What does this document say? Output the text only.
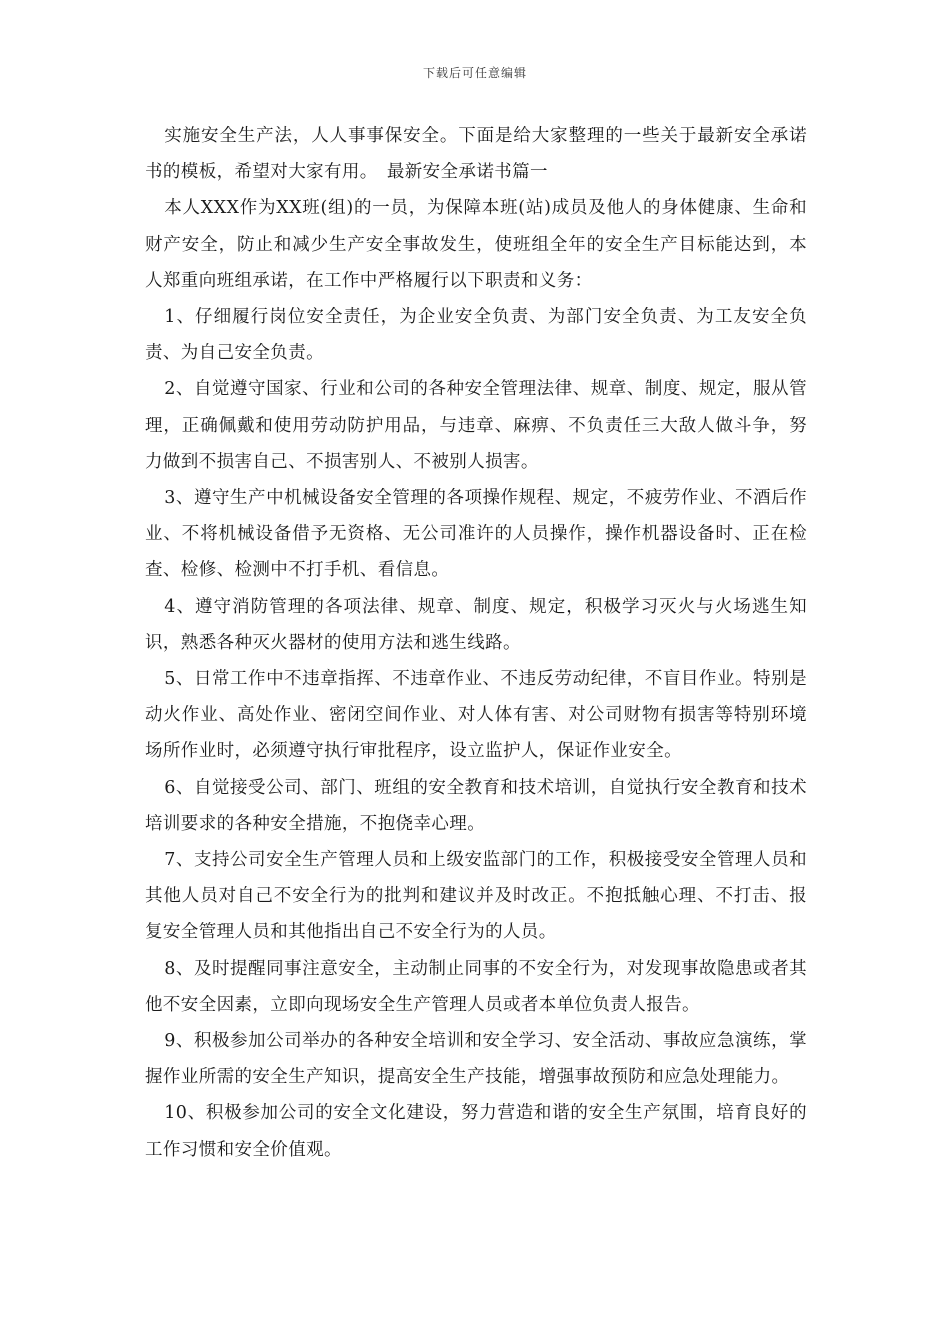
下载后可任意编辑

实施安全生产法，人人事事保安全。下面是给大家整理的一些关于最新安全承诺书的模板，希望对大家有用。　最新安全承诺书篇一

本人XXX作为XX班(组)的一员，为保障本班(站)成员及他人的身体健康、生命和财产安全，防止和减少生产安全事故发生，使班组全年的安全生产目标能达到，本人郑重向班组承诺，在工作中严格履行以下职责和义务：

1、仔细履行岗位安全责任，为企业安全负责、为部门安全负责、为工友安全负责、为自己安全负责。

2、自觉遵守国家、行业和公司的各种安全管理法律、规章、制度、规定，服从管理，正确佩戴和使用劳动防护用品，与违章、麻痹、不负责任三大敌人做斗争，努力做到不损害自己、不损害别人、不被别人损害。

3、遵守生产中机械设备安全管理的各项操作规程、规定，不疲劳作业、不酒后作业、不将机械设备借予无资格、无公司准许的人员操作，操作机器设备时、正在检查、检修、检测中不打手机、看信息。

4、遵守消防管理的各项法律、规章、制度、规定，积极学习灭火与火场逃生知识，熟悉各种灭火器材的使用方法和逃生线路。

5、日常工作中不违章指挥、不违章作业、不违反劳动纪律，不盲目作业。特别是动火作业、高处作业、密闭空间作业、对人体有害、对公司财物有损害等特别环境场所作业时，必须遵守执行审批程序，设立监护人，保证作业安全。

6、自觉接受公司、部门、班组的安全教育和技术培训，自觉执行安全教育和技术培训要求的各种安全措施，不抱侥幸心理。

7、支持公司安全生产管理人员和上级安监部门的工作，积极接受安全管理人员和其他人员对自己不安全行为的批判和建议并及时改正。不抱抵触心理、不打击、报复安全管理人员和其他指出自己不安全行为的人员。

8、及时提醒同事注意安全，主动制止同事的不安全行为，对发现事故隐患或者其他不安全因素，立即向现场安全生产管理人员或者本单位负责人报告。

9、积极参加公司举办的各种安全培训和安全学习、安全活动、事故应急演练，掌握作业所需的安全生产知识，提高安全生产技能，增强事故预防和应急处理能力。

10、积极参加公司的安全文化建设，努力营造和谐的安全生产氛围，培育良好的工作习惯和安全价值观。
